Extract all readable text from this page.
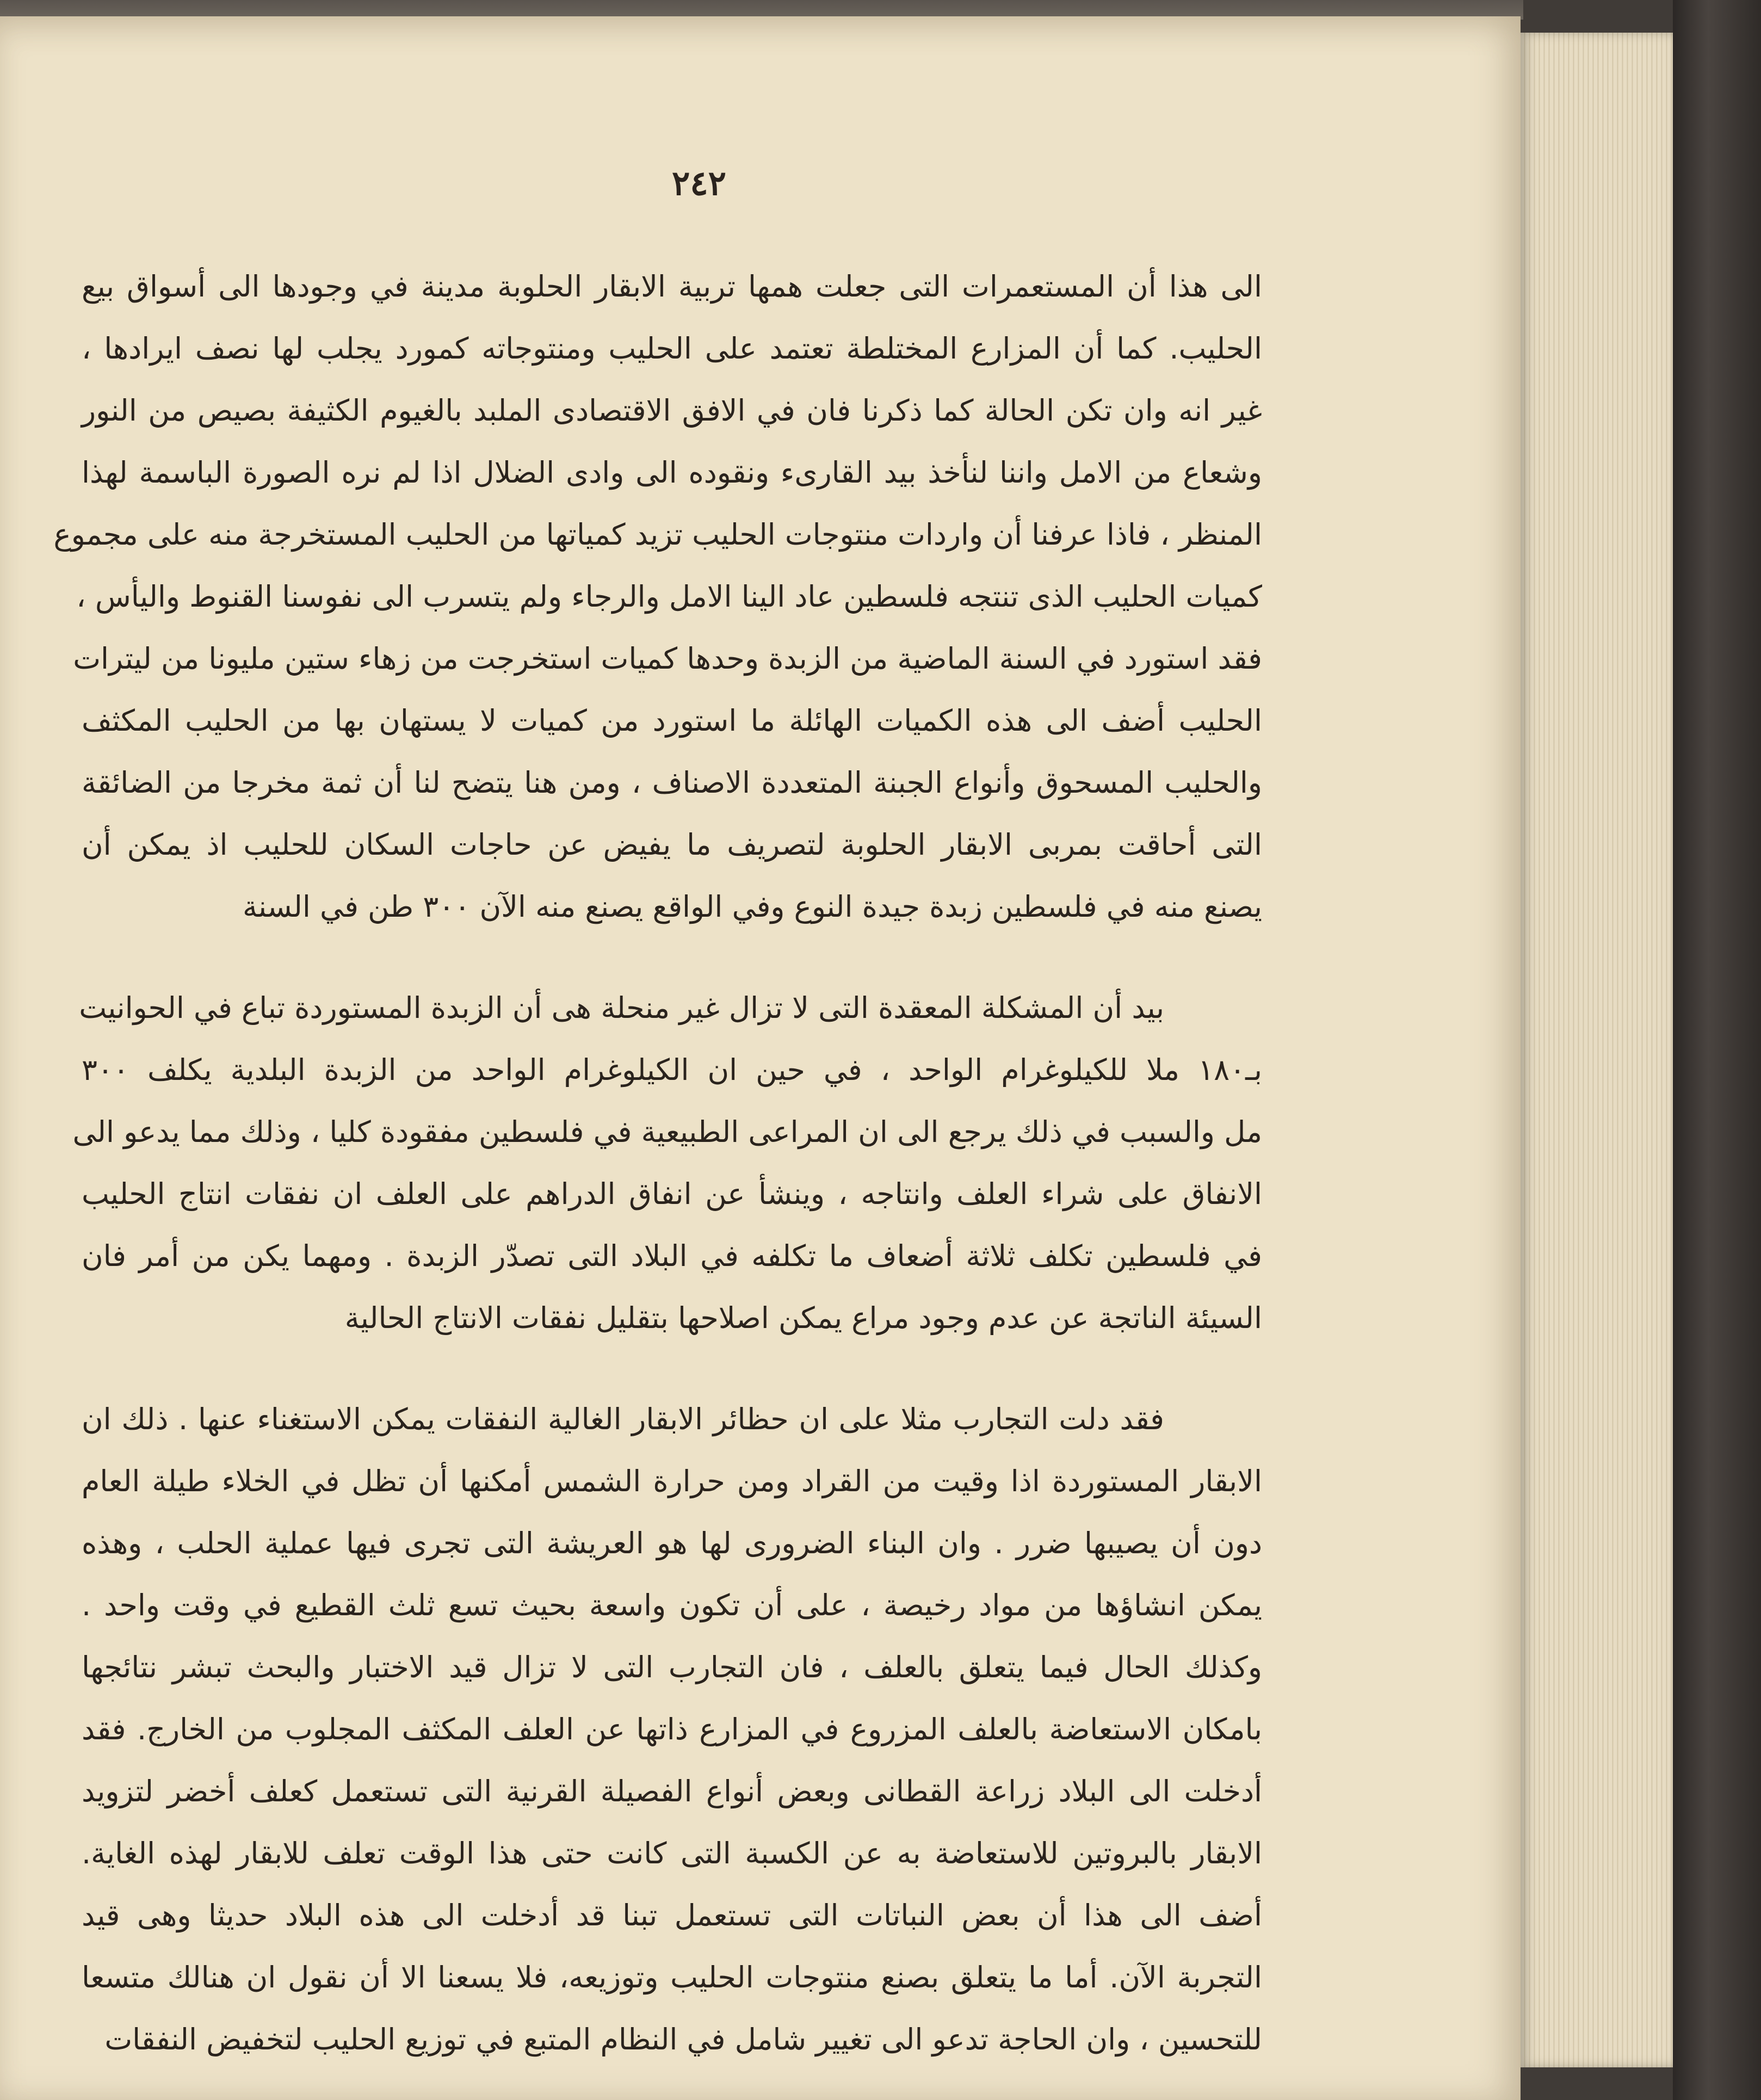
٢٤٢
الى هذا أن المستعمرات التى جعلت همها تربية الابقار الحلوبة مدينة في وجودها الى أسواق بيع
الحليب. كما أن المزارع المختلطة تعتمد على الحليب ومنتوجاته كمورد يجلب لها نصف ايرادها ،
غير انه وان تكن الحالة كما ذكرنا فان في الافق الاقتصادى الملبد بالغيوم الكثيفة بصيص من النور
وشعاع من الامل واننا لنأخذ بيد القارىء ونقوده الى وادى الضلال اذا لم نره الصورة الباسمة لهذا
المنظر ، فاذا عرفنا أن واردات منتوجات الحليب تزيد كمياتها من الحليب المستخرجة منه على مجموع
كميات الحليب الذى تنتجه فلسطين عاد الينا الامل والرجاء ولم يتسرب الى نفوسنا القنوط واليأس ،
فقد استورد في السنة الماضية من الزبدة وحدها كميات استخرجت من زهاء ستين مليونا من ليترات
الحليب أضف الى هذه الكميات الهائلة ما استورد من كميات لا يستهان بها من الحليب المكثف
والحليب المسحوق وأنواع الجبنة المتعددة الاصناف ، ومن هنا يتضح لنا أن ثمة مخرجا من الضائقة
التى أحاقت بمربى الابقار الحلوبة لتصريف ما يفيض عن حاجات السكان للحليب اذ يمكن أن
يصنع منه في فلسطين زبدة جيدة النوع وفي الواقع يصنع منه الآن ٣٠٠ طن في السنة
بيد أن المشكلة المعقدة التى لا تزال غير منحلة هى أن الزبدة المستوردة تباع في الحوانيت
بـ١٨٠ ملا للكيلوغرام الواحد ، في حين ان الكيلوغرام الواحد من الزبدة البلدية يكلف ٣٠٠
مل والسبب في ذلك يرجع الى ان المراعى الطبيعية في فلسطين مفقودة كليا ، وذلك مما يدعو الى
الانفاق على شراء العلف وانتاجه ، وينشأ عن انفاق الدراهم على العلف ان نفقات انتاج الحليب
في فلسطين تكلف ثلاثة أضعاف ما تكلفه في البلاد التى تصدّر الزبدة . ومهما يكن من أمر فان
السيئة الناتجة عن عدم وجود مراع يمكن اصلاحها بتقليل نفقات الانتاج الحالية
فقد دلت التجارب مثلا على ان حظائر الابقار الغالية النفقات يمكن الاستغناء عنها . ذلك ان
الابقار المستوردة اذا وقيت من القراد ومن حرارة الشمس أمكنها أن تظل في الخلاء طيلة العام
دون أن يصيبها ضرر . وان البناء الضرورى لها هو العريشة التى تجرى فيها عملية الحلب ، وهذه
يمكن انشاؤها من مواد رخيصة ، على أن تكون واسعة بحيث تسع ثلث القطيع في وقت واحد .
وكذلك الحال فيما يتعلق بالعلف ، فان التجارب التى لا تزال قيد الاختبار والبحث تبشر نتائجها
بامكان الاستعاضة بالعلف المزروع في المزارع ذاتها عن العلف المكثف المجلوب من الخارج. فقد
أدخلت الى البلاد زراعة القطانى وبعض أنواع الفصيلة القرنية التى تستعمل كعلف أخضر لتزويد
الابقار بالبروتين للاستعاضة به عن الكسبة التى كانت حتى هذا الوقت تعلف للابقار لهذه الغاية.
أضف الى هذا أن بعض النباتات التى تستعمل تبنا قد أدخلت الى هذه البلاد حديثا وهى قيد
التجربة الآن. أما ما يتعلق بصنع منتوجات الحليب وتوزيعه، فلا يسعنا الا أن نقول ان هنالك متسعا
للتحسين ، وان الحاجة تدعو الى تغيير شامل في النظام المتبع في توزيع الحليب لتخفيض النفقات
